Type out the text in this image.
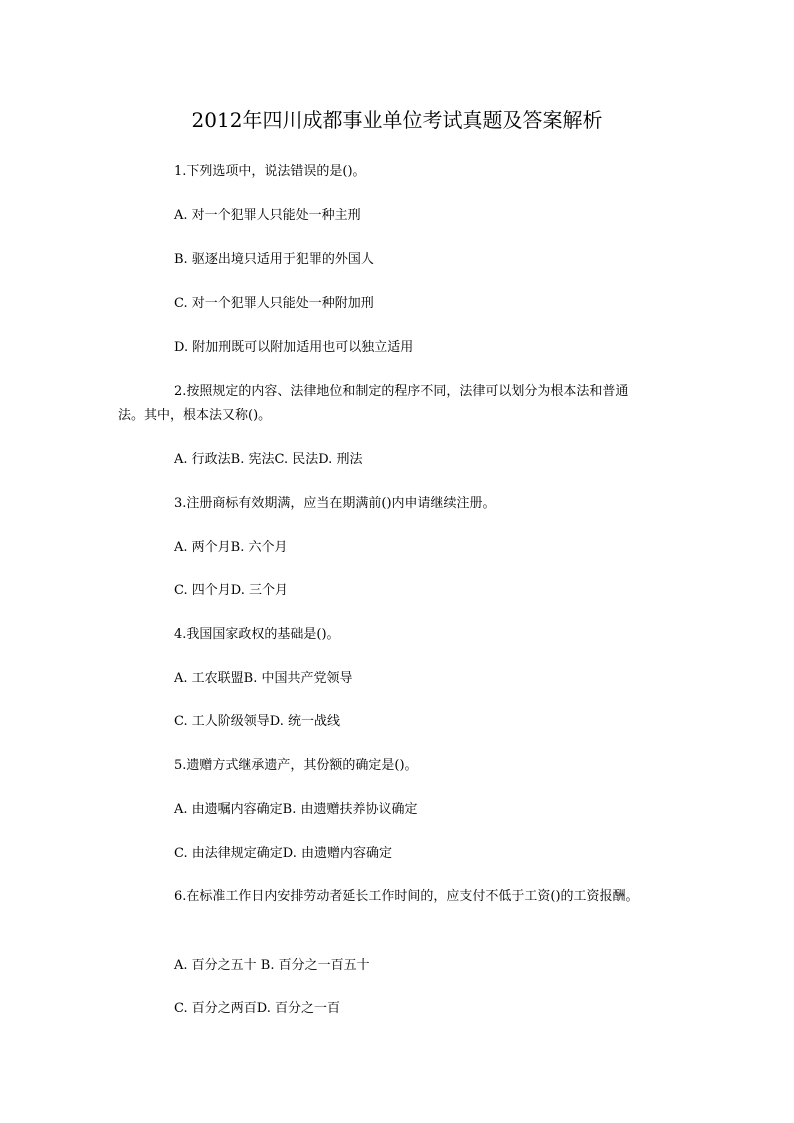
2012年四川成都事业单位考试真题及答案解析
1.下列选项中，说法错误的是()。
A. 对一个犯罪人只能处一种主刑
B. 驱逐出境只适用于犯罪的外国人
C. 对一个犯罪人只能处一种附加刑
D. 附加刑既可以附加适用也可以独立适用
2.按照规定的内容、法律地位和制定的程序不同，法律可以划分为根本法和普通
法。其中，根本法又称()。
A. 行政法B. 宪法C. 民法D. 刑法
3.注册商标有效期满，应当在期满前()内申请继续注册。
A. 两个月B. 六个月
C. 四个月D. 三个月
4.我国国家政权的基础是()。
A. 工农联盟B. 中国共产党领导
C. 工人阶级领导D. 统一战线
5.遗赠方式继承遗产，其份额的确定是()。
A. 由遗嘱内容确定B. 由遗赠扶养协议确定
C. 由法律规定确定D. 由遗赠内容确定
6.在标准工作日内安排劳动者延长工作时间的，应支付不低于工资()的工资报酬。
A. 百分之五十 B. 百分之一百五十
C. 百分之两百D. 百分之一百
